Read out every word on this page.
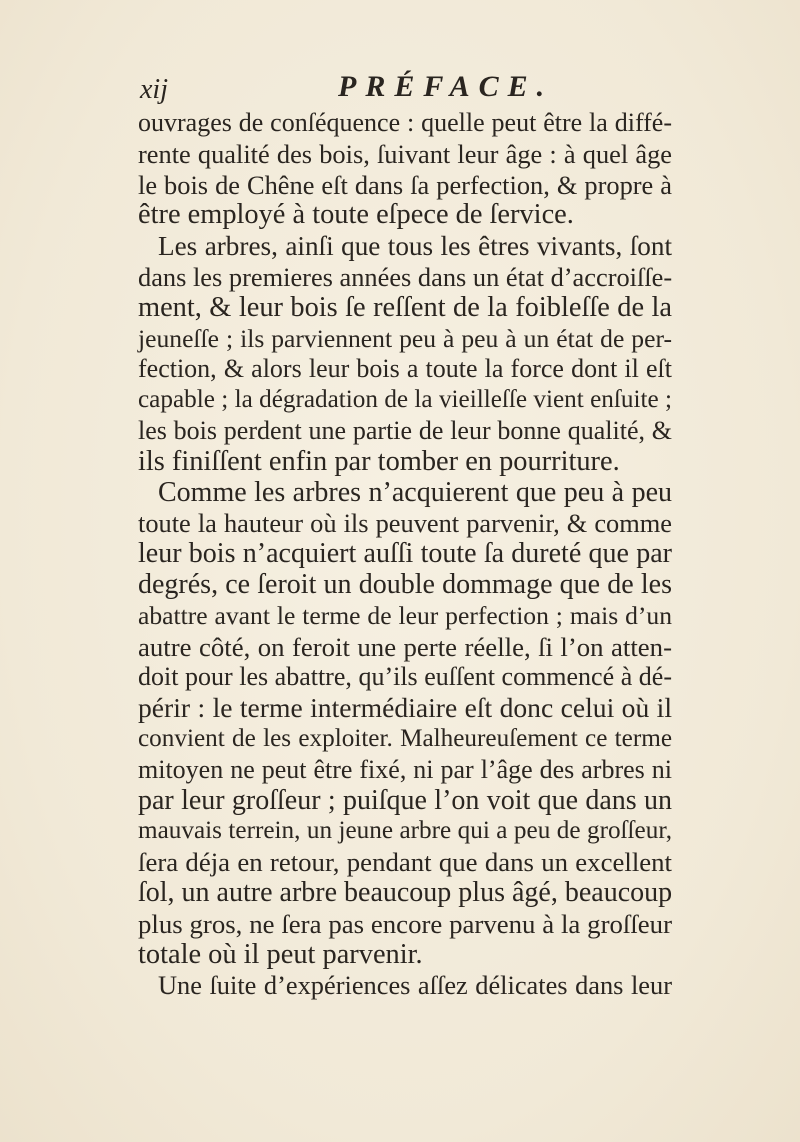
xij	PRÉFACE.
ouvrages de conſéquence : quelle peut être la diffé-
rente qualité des bois, ſuivant leur âge : à quel âge
le bois de Chêne eſt dans ſa perfection, & propre à
être employé à toute eſpece de ſervice.
Les arbres, ainſi que tous les êtres vivants, ſont
dans les premieres années dans un état d’accroiſſe-
ment, & leur bois ſe reſſent de la foibleſſe de la
jeuneſſe ; ils parviennent peu à peu à un état de per-
fection, & alors leur bois a toute la force dont il eſt
capable ; la dégradation de la vieilleſſe vient enſuite ;
les bois perdent une partie de leur bonne qualité, &
ils finiſſent enfin par tomber en pourriture.
Comme les arbres n’acquierent que peu à peu
toute la hauteur où ils peuvent parvenir, & comme
leur bois n’acquiert auſſi toute ſa dureté que par
degrés, ce ſeroit un double dommage que de les
abattre avant le terme de leur perfection ; mais d’un
autre côté, on feroit une perte réelle, ſi l’on atten-
doit pour les abattre, qu’ils euſſent commencé à dé-
périr : le terme intermédiaire eſt donc celui où il
convient de les exploiter. Malheureuſement ce terme
mitoyen ne peut être fixé, ni par l’âge des arbres ni
par leur groſſeur ; puiſque l’on voit que dans un
mauvais terrein, un jeune arbre qui a peu de groſſeur,
ſera déja en retour, pendant que dans un excellent
ſol, un autre arbre beaucoup plus âgé, beaucoup
plus gros, ne ſera pas encore parvenu à la groſſeur
totale où il peut parvenir.
Une ſuite d’expériences aſſez délicates dans leur
